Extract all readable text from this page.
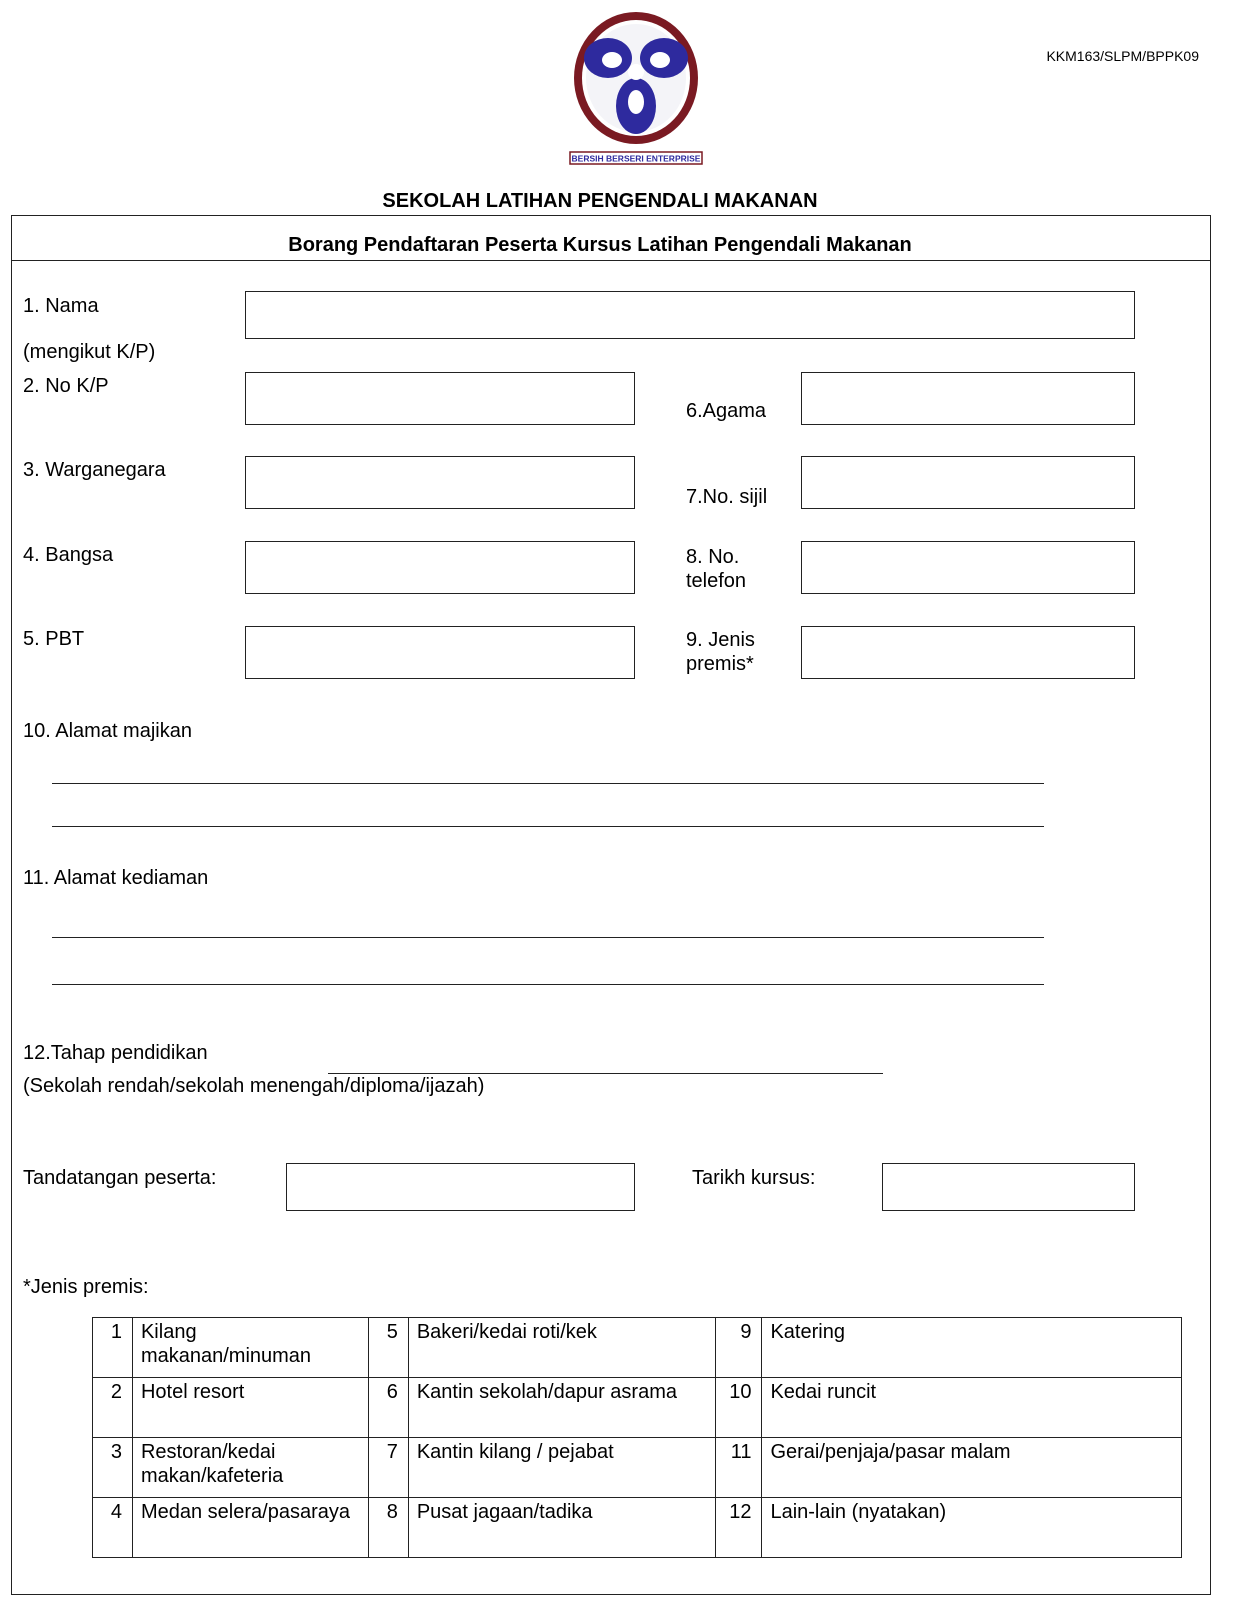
KKM163/SLPM/BPPK09
BERSIH BERSERI ENTERPRISE
SEKOLAH LATIHAN PENGENDALI MAKANAN
Borang Pendaftaran Peserta Kursus Latihan Pengendali Makanan
1. Nama
(mengikut K/P)
2. No K/P
3. Warganegara
4. Bangsa
5. PBT
6.Agama
7.No. sijil
8. No.
telefon
9. Jenis
premis*
10. Alamat majikan
11. Alamat kediaman
12.Tahap pendidikan
(Sekolah rendah/sekolah menengah/diploma/ijazah)
Tandatangan peserta:	Tarikh kursus:
*Jenis premis:
1	Kilang makanan/minuman	5	Bakeri/kedai roti/kek	9	Katering
2	Hotel resort	6	Kantin sekolah/dapur asrama	10	Kedai runcit
3	Restoran/kedai makan/kafeteria	7	Kantin kilang / pejabat	11	Gerai/penjaja/pasar malam
4	Medan selera/pasaraya	8	Pusat jagaan/tadika	12	Lain-lain (nyatakan)
